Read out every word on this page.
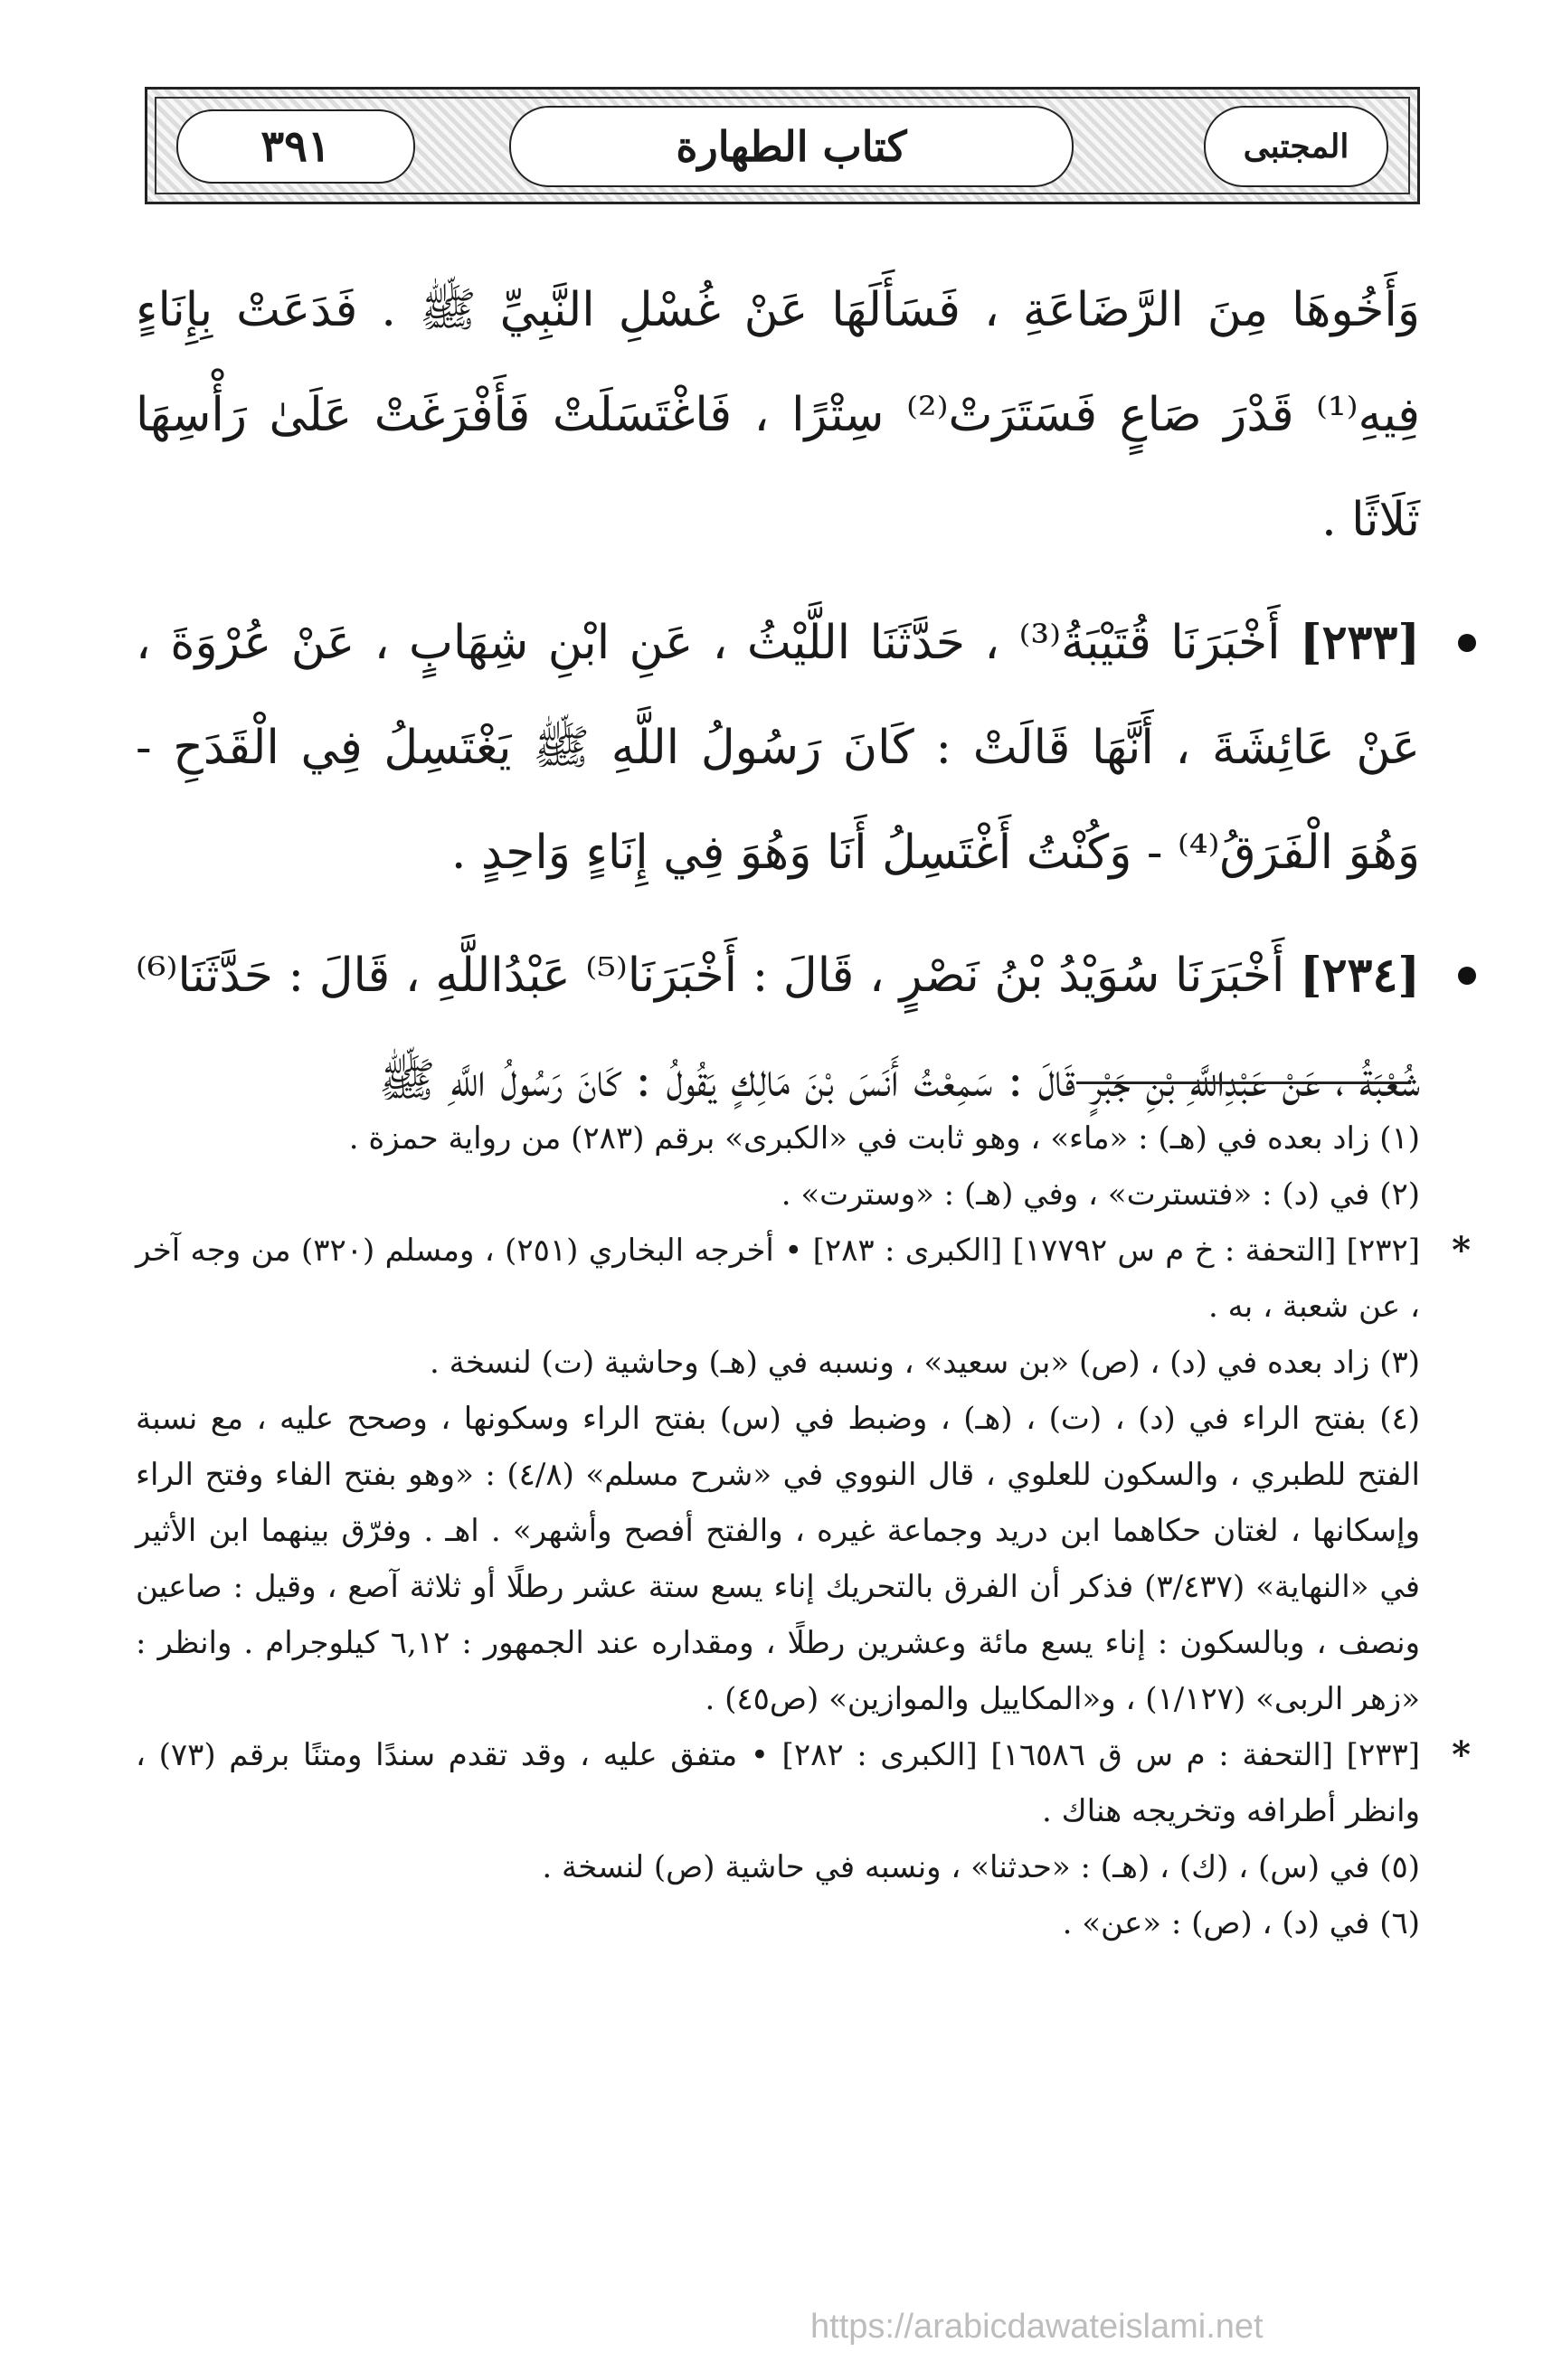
٣٩١	كتاب الطهارة	المجتبى

وَأَخُوهَا مِنَ الرَّضَاعَةِ ، فَسَأَلَهَا عَنْ غُسْلِ النَّبِيِّ ﷺ . فَدَعَتْ بِإِنَاءٍ فِيهِ⁽¹⁾ قَدْرَ صَاعٍ فَسَتَرَتْ⁽²⁾ سِتْرًا ، فَاغْتَسَلَتْ فَأَفْرَغَتْ عَلَىٰ رَأْسِهَا ثَلَاثًا .

[٢٣٣] أَخْبَرَنَا قُتَيْبَةُ⁽³⁾ ، حَدَّثَنَا اللَّيْثُ ، عَنِ ابْنِ شِهَابٍ ، عَنْ عُرْوَةَ ، عَنْ عَائِشَةَ ، أَنَّهَا قَالَتْ : كَانَ رَسُولُ اللَّهِ ﷺ يَغْتَسِلُ فِي الْقَدَحِ - وَهُوَ الْفَرَقُ⁽⁴⁾ - وَكُنْتُ أَغْتَسِلُ أَنَا وَهُوَ فِي إِنَاءٍ وَاحِدٍ .

[٢٣٤] أَخْبَرَنَا سُوَيْدُ بْنُ نَصْرٍ ، قَالَ : أَخْبَرَنَا⁽⁵⁾ عَبْدُاللَّهِ ، قَالَ : حَدَّثَنَا⁽⁶⁾ شُعْبَةُ ، عَنْ عَبْدِاللَّهِ بْنِ جَبْرٍ قَالَ : سَمِعْتُ أَنَسَ بْنَ مَالِكٍ يَقُولُ : كَانَ رَسُولُ اللَّهِ ﷺ

(١) زاد بعده في (هـ) : «ماء» ، وهو ثابت في «الكبرى» برقم (٢٨٣) من رواية حمزة .

(٢) في (د) : «فتسترت» ، وفي (هـ) : «وسترت» .

*
[٢٣٢] [التحفة : خ م س ١٧٧٩٢] [الكبرى : ٢٨٣] • أخرجه البخاري (٢٥١) ، ومسلم (٣٢٠) من وجه آخر ، عن شعبة ، به .

(٣) زاد بعده في (د) ، (ص) «بن سعيد» ، ونسبه في (هـ) وحاشية (ت) لنسخة .

(٤) بفتح الراء في (د) ، (ت) ، (هـ) ، وضبط في (س) بفتح الراء وسكونها ، وصحح عليه ، مع نسبة الفتح للطبري ، والسكون للعلوي ، قال النووي في «شرح مسلم» (٤/٨) : «وهو بفتح الفاء وفتح الراء وإسكانها ، لغتان حكاهما ابن دريد وجماعة غيره ، والفتح أفصح وأشهر» . اهـ . وفرّق بينهما ابن الأثير في «النهاية» (٣/٤٣٧) فذكر أن الفرق بالتحريك إناء يسع ستة عشر رطلًا أو ثلاثة آصع ، وقيل : صاعين ونصف ، وبالسكون : إناء يسع مائة وعشرين رطلًا ، ومقداره عند الجمهور : ٦,١٢ كيلوجرام . وانظر : «زهر الربى» (١/١٢٧) ، و«المكاييل والموازين» (ص٤٥) .

*
[٢٣٣] [التحفة : م س ق ١٦٥٨٦] [الكبرى : ٢٨٢] • متفق عليه ، وقد تقدم سندًا ومتنًا برقم (٧٣) ، وانظر أطرافه وتخريجه هناك .

(٥) في (س) ، (ك) ، (هـ) : «حدثنا» ، ونسبه في حاشية (ص) لنسخة .

(٦) في (د) ، (ص) : «عن» .

https://arabicdawateislami.net
